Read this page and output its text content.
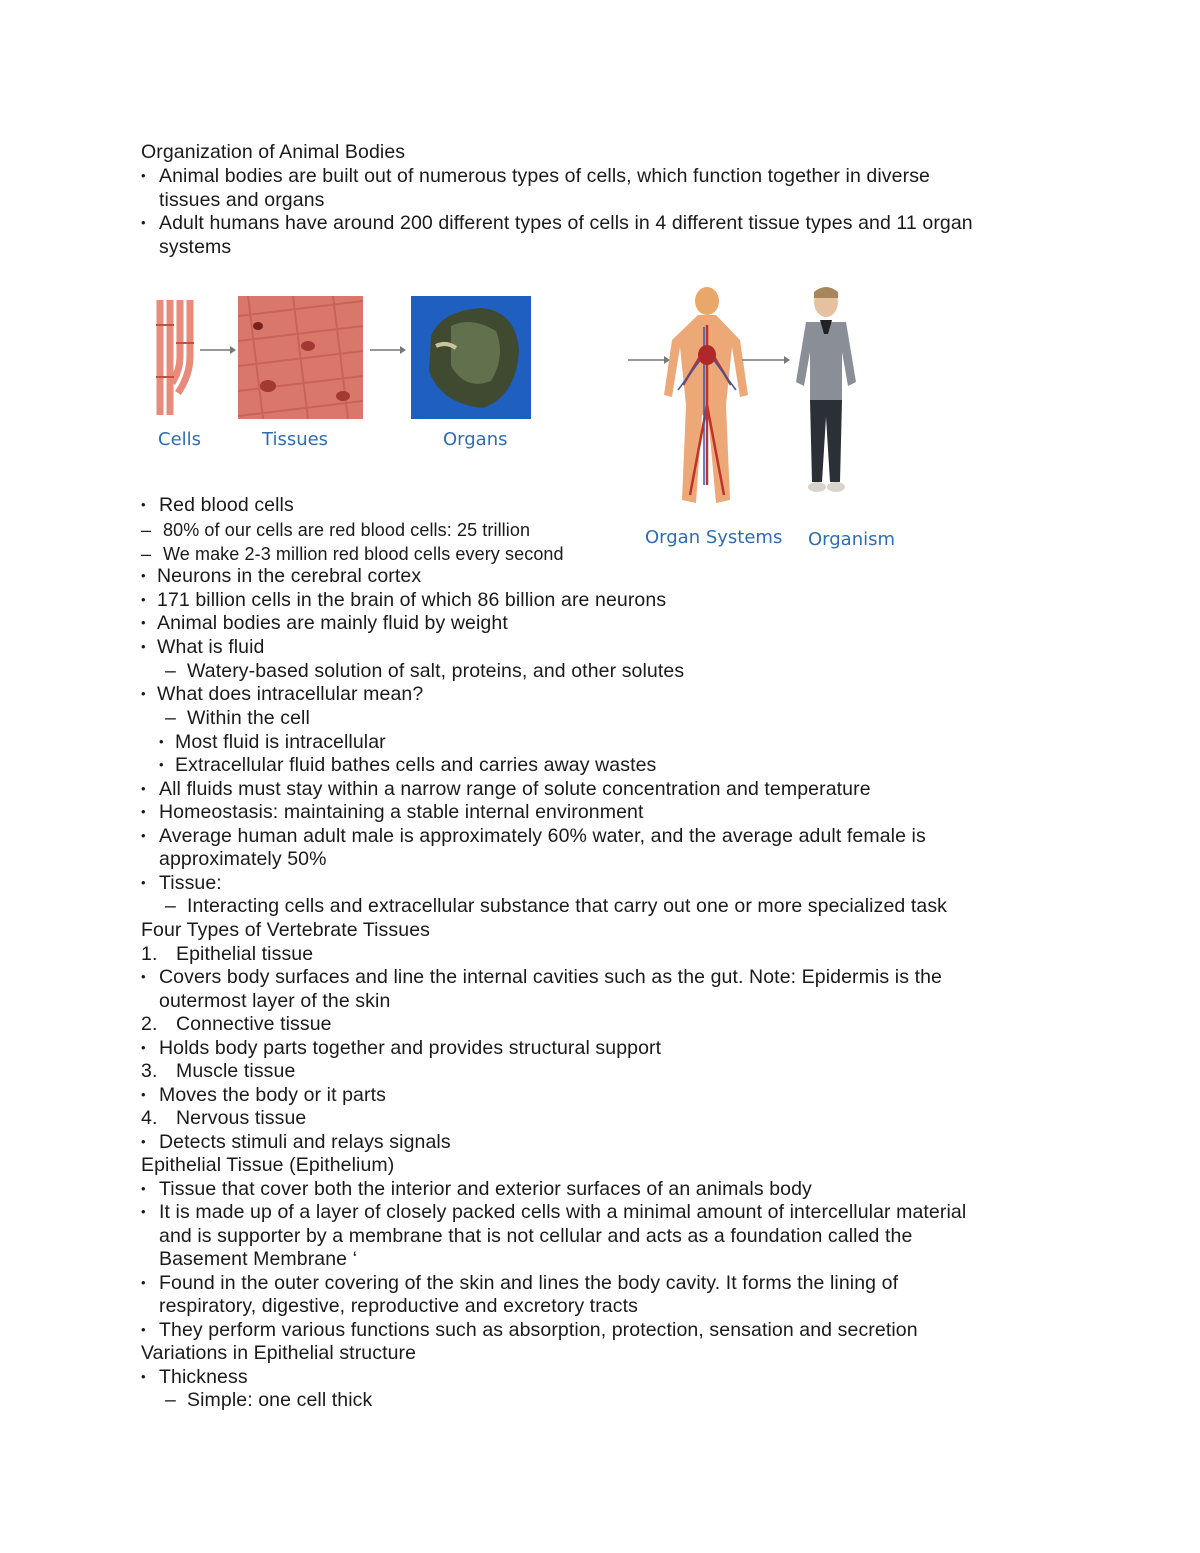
Organization of Animal Bodies
• Animal bodies are built out of numerous types of cells, which function together in diverse
tissues and organs
• Adult humans have around 200 different types of cells in 4 different tissue types and 11 organ
systems
Cells	Tissues	Organs
Organ Systems Organism
• Red blood cells
– 80% of our cells are red blood cells: 25 trillion
– We make 2-3 million red blood cells every second
• Neurons in the cerebral cortex
• 171 billion cells in the brain of which 86 billion are neurons
• Animal bodies are mainly fluid by weight
• What is fluid
– Watery-based solution of salt, proteins, and other solutes
• What does intracellular mean?
– Within the cell
• Most fluid is intracellular
• Extracellular fluid bathes cells and carries away wastes
• All fluids must stay within a narrow range of solute concentration and temperature
• Homeostasis: maintaining a stable internal environment
• Average human adult male is approximately 60% water, and the average adult female is
approximately 50%
• Tissue:
– Interacting cells and extracellular substance that carry out one or more specialized task
Four Types of Vertebrate Tissues
1. Epithelial tissue
• Covers body surfaces and line the internal cavities such as the gut. Note: Epidermis is the
outermost layer of the skin
2. Connective tissue
• Holds body parts together and provides structural support
3. Muscle tissue
• Moves the body or it parts
4. Nervous tissue
• Detects stimuli and relays signals
Epithelial Tissue (Epithelium)
• Tissue that cover both the interior and exterior surfaces of an animals body
• It is made up of a layer of closely packed cells with a minimal amount of intercellular material
and is supporter by a membrane that is not cellular and acts as a foundation called the
Basement Membrane ‘
• Found in the outer covering of the skin and lines the body cavity. It forms the lining of
respiratory, digestive, reproductive and excretory tracts
• They perform various functions such as absorption, protection, sensation and secretion
Variations in Epithelial structure
• Thickness
– Simple: one cell thick
